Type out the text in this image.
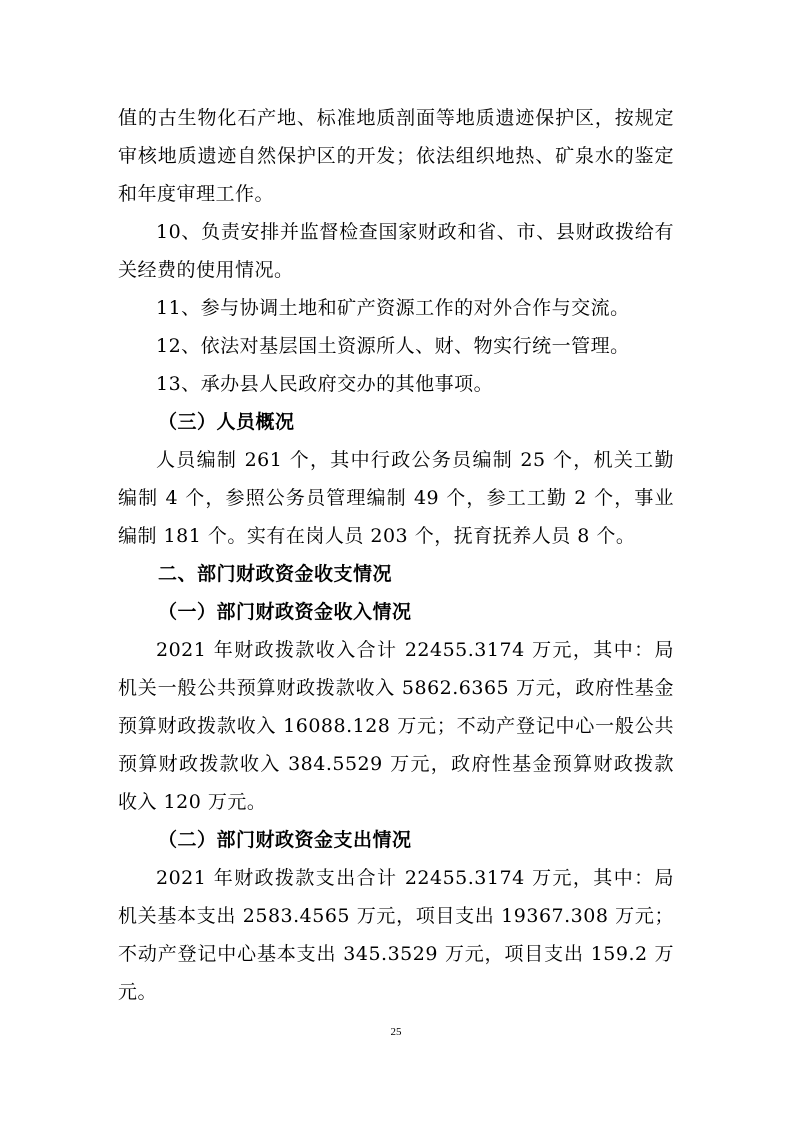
值的古生物化石产地、标准地质剖面等地质遗迹保护区，按规定审核地质遗迹自然保护区的开发；依法组织地热、矿泉水的鉴定和年度审理工作。

10、负责安排并监督检查国家财政和省、市、县财政拨给有关经费的使用情况。

11、参与协调土地和矿产资源工作的对外合作与交流。

12、依法对基层国土资源所人、财、物实行统一管理。

13、承办县人民政府交办的其他事项。

（三）人员概况

人员编制 261 个，其中行政公务员编制 25 个，机关工勤编制 4 个，参照公务员管理编制 49 个，参工工勤 2 个，事业编制 181 个。实有在岗人员 203 个，抚育抚养人员 8 个。

二、部门财政资金收支情况

（一）部门财政资金收入情况

2021 年财政拨款收入合计 22455.3174 万元，其中：局机关一般公共预算财政拨款收入 5862.6365 万元，政府性基金预算财政拨款收入 16088.128 万元；不动产登记中心一般公共预算财政拨款收入 384.5529 万元，政府性基金预算财政拨款收入 120 万元。

（二）部门财政资金支出情况

2021 年财政拨款支出合计 22455.3174 万元，其中：局机关基本支出 2583.4565 万元，项目支出 19367.308 万元；不动产登记中心基本支出 345.3529 万元，项目支出 159.2 万元。

25
